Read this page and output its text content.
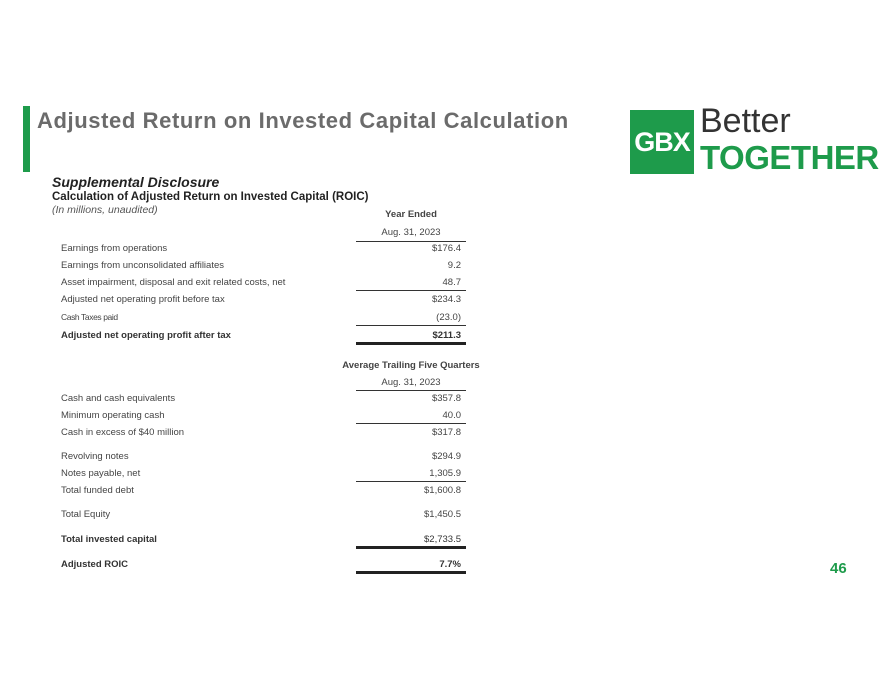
Adjusted Return on Invested Capital Calculation
GBX
Better
TOGETHER
Supplemental Disclosure
Calculation of Adjusted Return on Invested Capital (ROIC)
(In millions, unaudited)	Year Ended
Aug. 31, 2023
Earnings from operations	$176.4
Earnings from unconsolidated affiliates	9.2
Asset impairment, disposal and exit related costs, net	48.7
Adjusted net operating profit before tax	$234.3
Cash Taxes paid	(23.0)
Adjusted net operating profit after tax	$211.3
Average Trailing Five Quarters
Aug. 31, 2023
Cash and cash equivalents	$357.8
Minimum operating cash	40.0
Cash in excess of $40 million	$317.8
Revolving notes	$294.9
Notes payable, net	1,305.9
Total funded debt	$1,600.8
Total Equity	$1,450.5
Total invested capital	$2,733.5
Adjusted ROIC	7.7%	46
